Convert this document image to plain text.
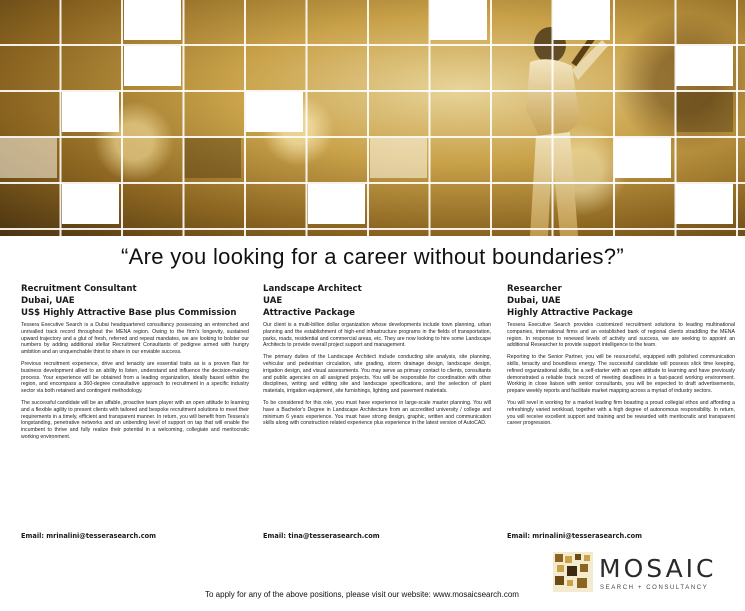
“Are you looking for a career without boundaries?”
Recruitment Consultant
Dubai, UAE
US$ Highly Attractive Base plus Commission

Tessera Executive Search is a Dubai headquartered consultancy possessing an entrenched and unrivalled track record throughout the MENA region. Owing to the firm's longevity, sustained upward trajectory and a glut of fresh, referred and repeat mandates, we are looking to bolster our numbers by adding additional stellar Recruitment Consultants of pedigree armed with hungry ambition and an unquenchable thirst to share in our enviable success.

Previous recruitment experience, drive and tenacity are essential traits as is a proven flair for business development allied to an ability to listen, understand and influence the decision-making process. Your experience will be obtained from a leading organization, ideally based within the region, and encompass a 360-degree consultative approach to recruitment in a specific industry sector via both retained and contingent methodology.

The successful candidate will be an affable, proactive team player with an open attitude to learning and a flexible agility to present clients with tailored and bespoke recruitment solutions to meet their requirements in a timely, efficient and transparent manner. In return, you will benefit from Tessera's longstanding, penetrative networks and an unbending level of support on tap that will enable the incumbent to thrive and fully realize their potential in a welcoming, collegiate and meritocratic working environment.

Email: mrinalini@tesserasearch.com
Landscape Architect
UAE
Attractive Package

Our client is a multi-billion dollar organization whose developments include town planning, urban planning and the establishment of high-end infrastructure programs in the fields of transportation, parks, roads, residential and commercial areas, etc. They are now looking to hire some Landscape Architects to provide overall project support and management.

The primary duties of the Landscape Architect include conducting site analysis, site planning, vehicular and pedestrian circulation, site grading, storm drainage design, landscape design, irrigation design, and visual assessments. You may serve as primary contact to clients, consultants and public agencies on all assigned projects. You will be responsible for coordination with other disciplines, writing and editing site and landscape specifications, and the selection of plant materials, irrigation equipment, site furnishings, lighting and pavement materials.

To be considered for this role, you must have experience in large-scale master planning. You will have a Bachelor's Degree in Landscape Architecture from an accredited university / college and minimum 6 years experience. You must have strong design, graphic, written and communication skills along with construction related experience plus experience in the latest version of AutoCAD.

Email: tina@tesserasearch.com
Researcher
Dubai, UAE
Highly Attractive Package

Tessera Executive Search provides customized recruitment solutions to leading multinational companies, international firms and an established bank of regional clients straddling the MENA region. In response to renewed levels of activity and success, we are seeking to appoint an additional Researcher to provide support intelligence to the team.

Reporting to the Senior Partner, you will be resourceful, equipped with polished communication skills, tenacity and boundless energy. The successful candidate will possess slick time keeping, refined organizational skills, be a self-starter with an open attitude to learning and have previously demonstrated a reliable track record of meeting deadlines in a fast-paced working environment. Working in close liaison with senior consultants, you will be expected to draft advertisements, prepare weekly reports and facilitate market mapping across a myriad of industry sectors.

You will revel in working for a market leading firm boasting a proud collegial ethos and affording a refreshingly varied workload, together with a high degree of autonomous responsibility. In return, you will receive excellent support and training and be rewarded with meritocratic and transparent career progression.

Email: mrinalini@tesserasearch.com
MOSAIC
SEARCH + CONSULTANCY
To apply for any of the above positions, please visit our website: www.mosaicsearch.com
